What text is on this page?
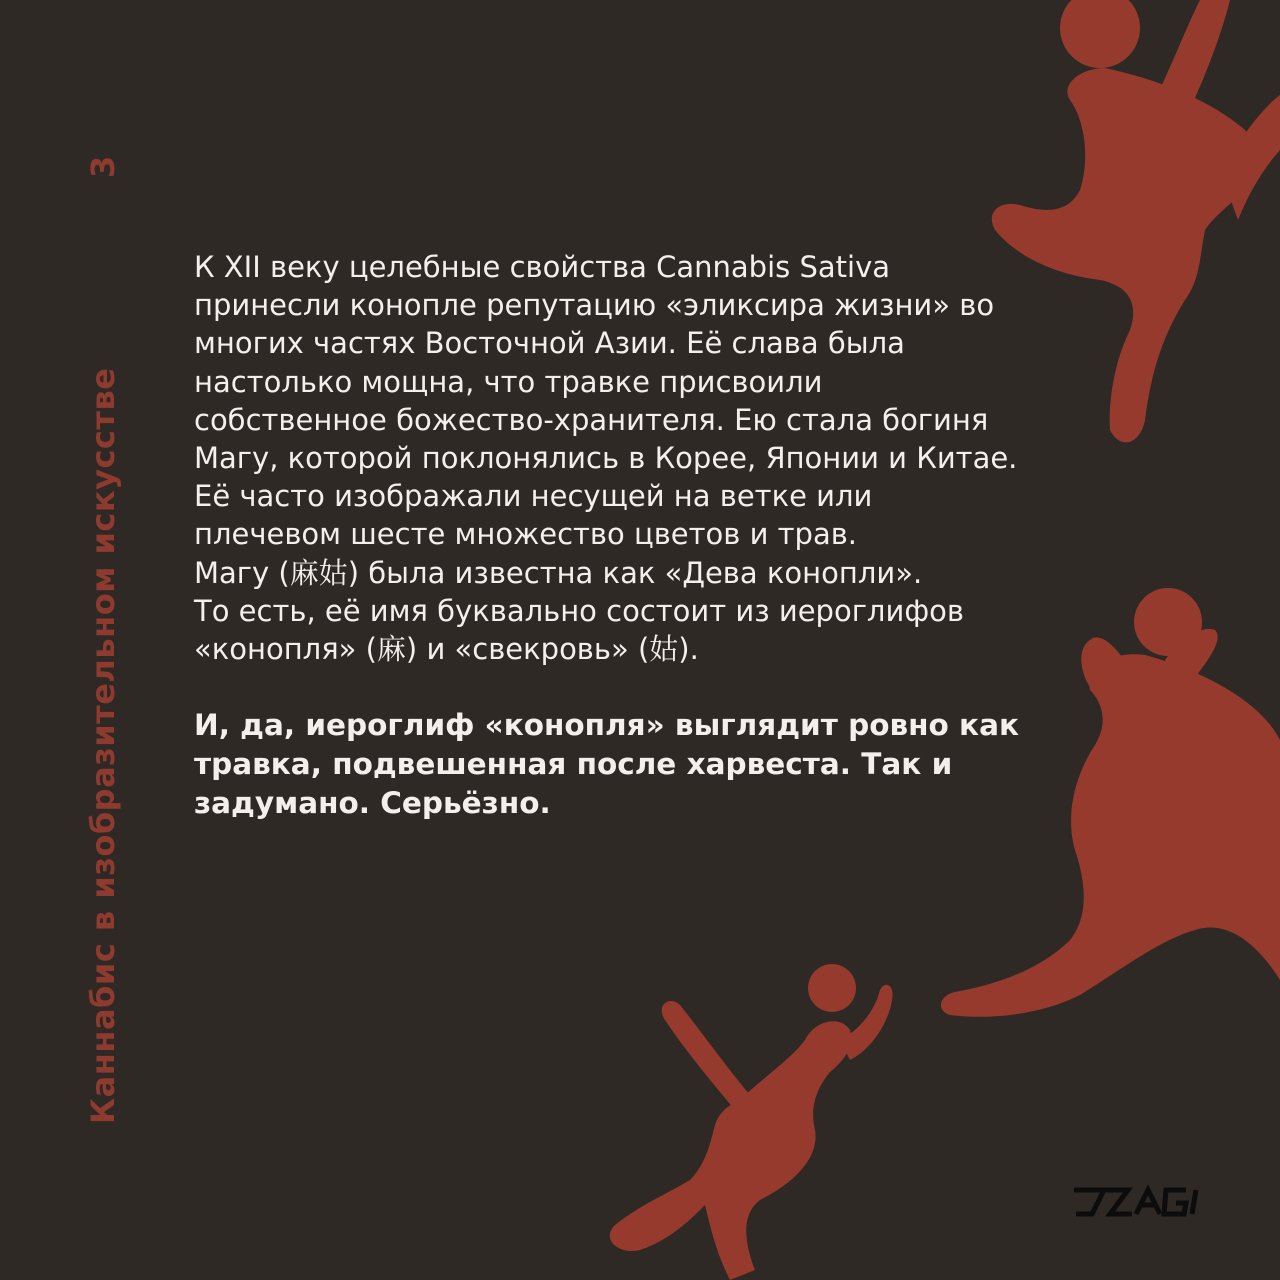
Каннабис в изобразительном искусстве
3

К XII веку целебные свойства Cannabis Sativa
принесли конопле репутацию «эликсира жизни» во
многих частях Восточной Азии. Её слава была
настолько мощна, что травке присвоили
собственное божество-хранителя. Ею стала богиня
Магу, которой поклонялись в Корее, Японии и Китае.
Её часто изображали несущей на ветке или
плечевом шесте множество цветов и трав.
Магу (麻姑) была известна как «Дева конопли».
То есть, её имя буквально состоит из иероглифов
«конопля» (麻) и «свекровь» (姑).

И, да, иероглиф «конопля» выглядит ровно как
травка, подвешенная после харвеста. Так и
задумано. Серьёзно.
